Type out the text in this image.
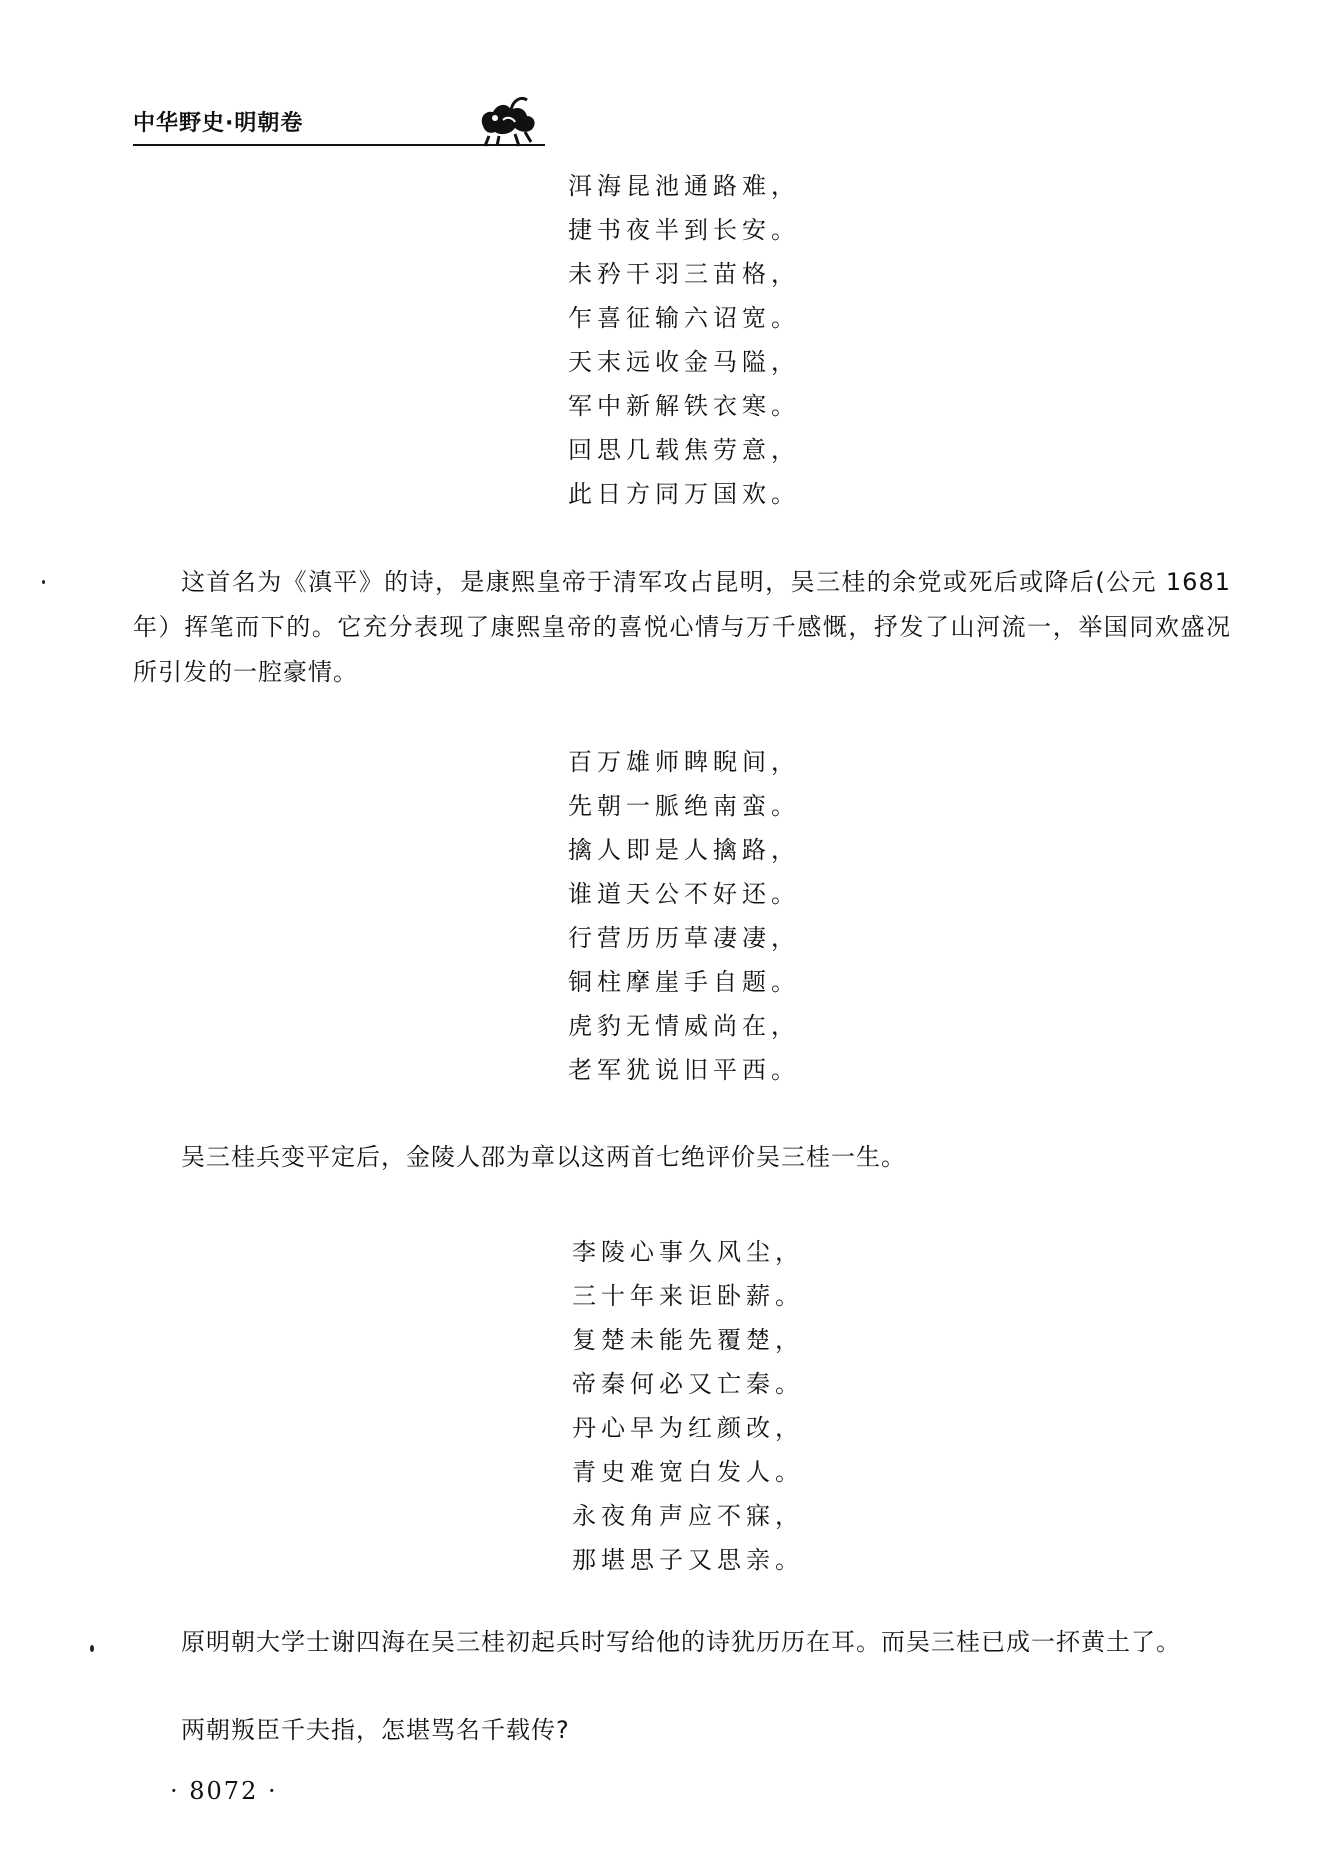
中华野史·明朝卷
洱海昆池通路难，
捷书夜半到长安。
未矜干羽三苗格，
乍喜征输六诏宽。
天末远收金马隘，
军中新解铁衣寒。
回思几载焦劳意，
此日方同万国欢。

这首名为《滇平》的诗，是康熙皇帝于清军攻占昆明，吴三桂的余党或死后或降后(公元 1681 年）挥笔而下的。它充分表现了康熙皇帝的喜悦心情与万千感慨，抒发了山河流一，举国同欢盛况所引发的一腔豪情。

百万雄师睥睨间，
先朝一脈绝南蛮。
擒人即是人擒路，
谁道天公不好还。
行营历历草凄凄，
铜柱摩崖手自题。
虎豹无情威尚在，
老军犹说旧平西。

吴三桂兵变平定后，金陵人邵为章以这两首七绝评价吴三桂一生。

李陵心事久风尘，
三十年来讵卧薪。
复楚未能先覆楚，
帝秦何必又亡秦。
丹心早为红颜改，
青史难宽白发人。
永夜角声应不寐，
那堪思子又思亲。

原明朝大学士谢四海在吴三桂初起兵时写给他的诗犹历历在耳。而吴三桂已成一抔黄土了。

两朝叛臣千夫指，怎堪骂名千载传?

· 8072 ·
